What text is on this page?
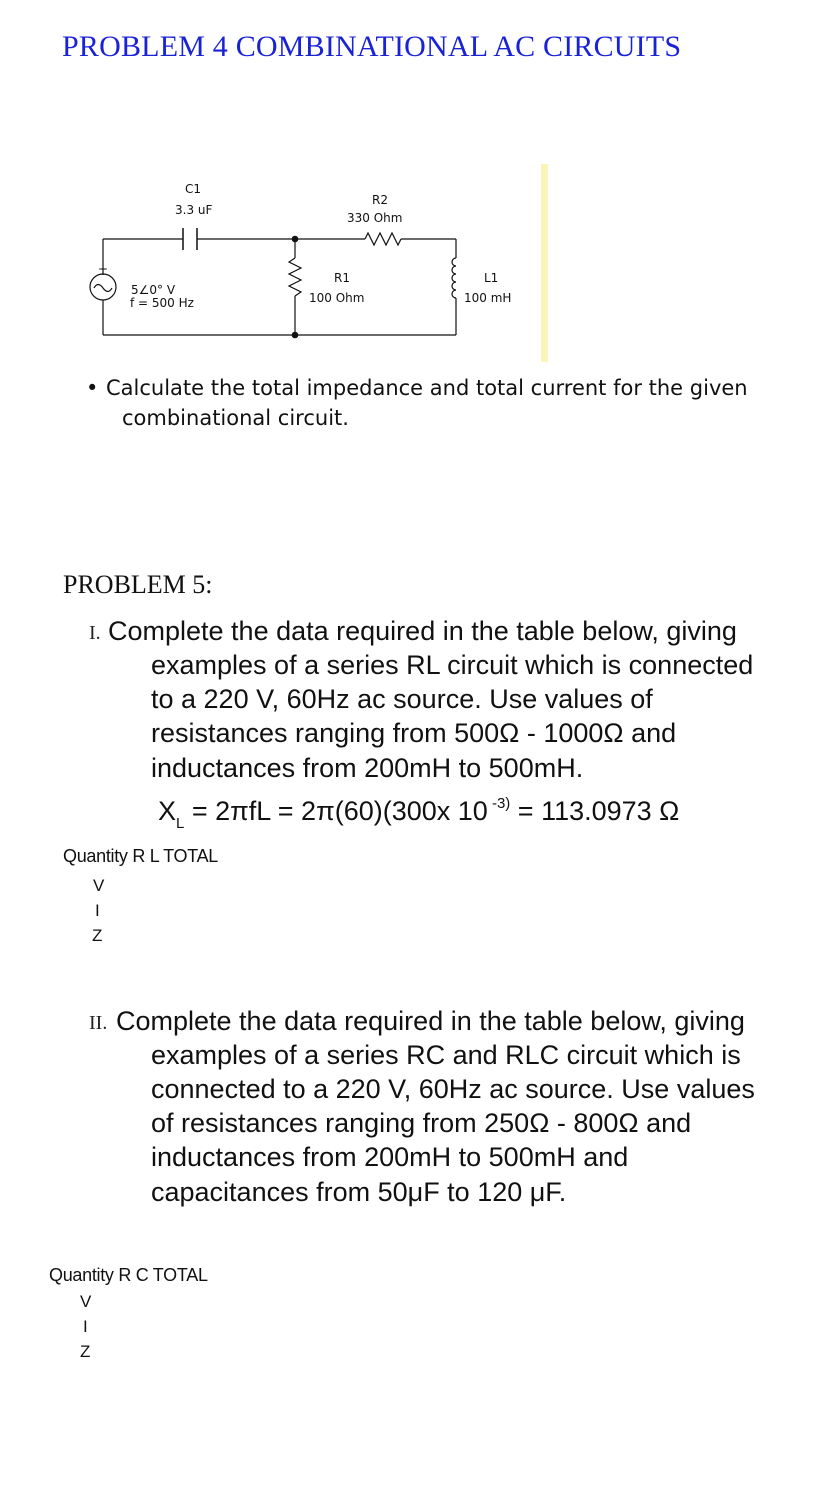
PROBLEM 4 COMBINATIONAL AC CIRCUITS
+
C1
3.3 uF
R2
330 Ohm
R1
100 Ohm
L1
100 mH
5∠0° V
f = 500 Hz
• Calculate the total impedance and total current for the given
combinational circuit.
PROBLEM 5:
I. Complete the data required in the table below, giving
examples of a series RL circuit which is connected
to a 220 V, 60Hz ac source. Use values of
resistances ranging from 500Ω - 1000Ω and
inductances from 200mH to 500mH.
$X_L = 2\pi fL = 2\pi(60)(300x$ 10 $^{-3)}$ = 113.0973 Ω
Quantity R L TOTAL
V
I
Z
II. Complete the data required in the table below, giving
examples of a series RC and RLC circuit which is
connected to a 220 V, 60Hz ac source. Use values
of resistances ranging from 250Ω - 800Ω and
inductances from 200mH to 500mH and
capacitances from 50μF to 120 μF.
Quantity R C TOTAL
V
I
Z
